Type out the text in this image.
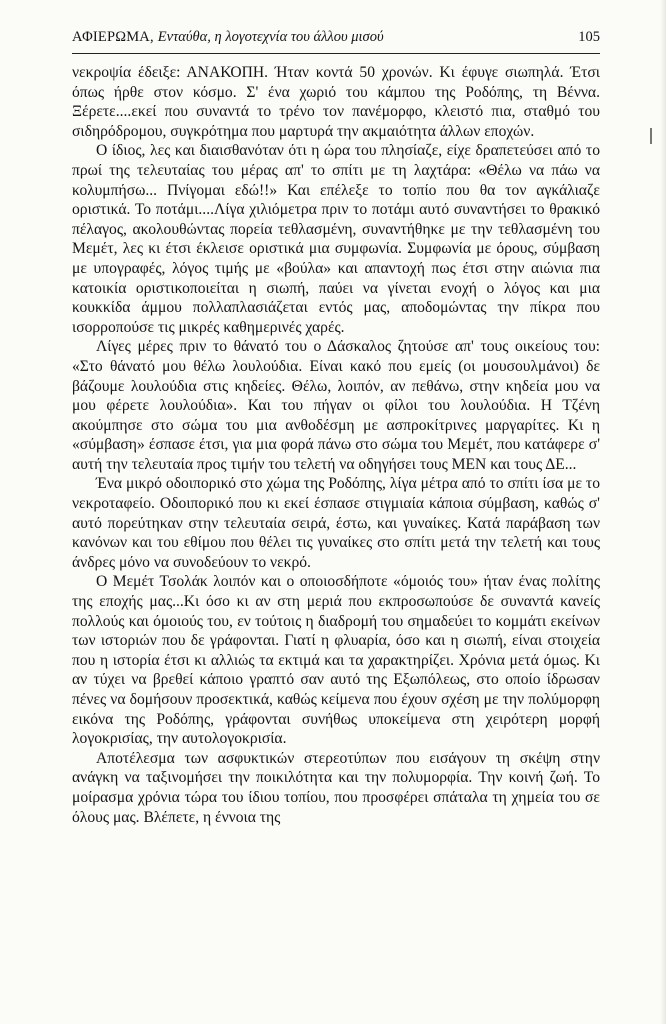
ΑΦΙΕΡΩΜΑ, Ενταύθα, η λογοτεχνία του άλλου μισού	105

νεκροψία έδειξε: ΑΝΑΚΟΠΗ. Ήταν κοντά 50 χρονών. Κι έφυγε σιωπηλά. Έτσι όπως ήρθε στον κόσμο. Σ' ένα χωριό του κάμπου της Ροδόπης, τη Βέννα. Ξέρετε....εκεί που συναντά το τρένο τον πανέμορφο, κλειστό πια, σταθμό του σιδηρόδρομου, συγκρότημα που μαρτυρά την ακμαιότητα άλλων εποχών.

Ο ίδιος, λες και διαισθανόταν ότι η ώρα του πλησίαζε, είχε δραπετεύσει από το πρωί της τελευταίας του μέρας απ' το σπίτι με τη λαχτάρα: «Θέλω να πάω να κολυμπήσω... Πνίγομαι εδώ!!» Και επέλεξε το τοπίο που θα τον αγκάλιαζε οριστικά. Το ποτάμι....Λίγα χιλιόμετρα πριν το ποτάμι αυτό συναντήσει το θρακικό πέλαγος, ακολουθώντας πορεία τεθλασμένη, συναντήθηκε με την τεθλασμένη του Μεμέτ, λες κι έτσι έκλεισε οριστικά μια συμφωνία. Συμφωνία με όρους, σύμβαση με υπογραφές, λόγος τιμής με «βούλα» και απαντοχή πως έτσι στην αιώνια πια κατοικία οριστικοποιείται η σιωπή, παύει να γίνεται ενοχή ο λόγος και μια κουκκίδα άμμου πολλαπλασιάζεται εντός μας, αποδομώντας την πίκρα που ισορροπούσε τις μικρές καθημερινές χαρές.

Λίγες μέρες πριν το θάνατό του ο Δάσκαλος ζητούσε απ' τους οικείους του: «Στο θάνατό μου θέλω λουλούδια. Είναι κακό που εμείς (οι μουσουλμάνοι) δε βάζουμε λουλούδια στις κηδείες. Θέλω, λοιπόν, αν πεθάνω, στην κηδεία μου να μου φέρετε λουλούδια». Και του πήγαν οι φίλοι του λουλούδια. Η Τζένη ακούμπησε στο σώμα του μια ανθοδέσμη με ασπροκίτρινες μαργαρίτες. Κι η «σύμβαση» έσπασε έτσι, για μια φορά πάνω στο σώμα του Μεμέτ, που κατάφερε σ' αυτή την τελευταία προς τιμήν του τελετή να οδηγήσει τους ΜΕΝ και τους ΔΕ...

Ένα μικρό οδοιπορικό στο χώμα της Ροδόπης, λίγα μέτρα από το σπίτι ίσα με το νεκροταφείο. Οδοιπορικό που κι εκεί έσπασε στιγμιαία κάποια σύμβαση, καθώς σ' αυτό πορεύτηκαν στην τελευταία σειρά, έστω, και γυναίκες. Κατά παράβαση των κανόνων και του εθίμου που θέλει τις γυναίκες στο σπίτι μετά την τελετή και τους άνδρες μόνο να συνοδεύουν το νεκρό.

Ο Μεμέτ Τσολάκ λοιπόν και ο οποιοσδήποτε «όμοιός του» ήταν ένας πολίτης της εποχής μας...Κι όσο κι αν στη μεριά που εκπροσωπούσε δε συναντά κανείς πολλούς και όμοιούς του, εν τούτοις η διαδρομή του σημαδεύει το κομμάτι εκείνων των ιστοριών που δε γράφονται. Γιατί η φλυαρία, όσο και η σιωπή, είναι στοιχεία που η ιστορία έτσι κι αλλιώς τα εκτιμά και τα χαρακτηρίζει. Χρόνια μετά όμως. Κι αν τύχει να βρεθεί κάποιο γραπτό σαν αυτό της Εξωπόλεως, στο οποίο ίδρωσαν πένες να δομήσουν προσεκτικά, καθώς κείμενα που έχουν σχέση με την πολύμορφη εικόνα της Ροδόπης, γράφονται συνήθως υποκείμενα στη χειρότερη μορφή λογοκρισίας, την αυτολογοκρισία.

Αποτέλεσμα των ασφυκτικών στερεοτύπων που εισάγουν τη σκέψη στην ανάγκη να ταξινομήσει την ποικιλότητα και την πολυμορφία. Την κοινή ζωή. Το μοίρασμα χρόνια τώρα του ίδιου τοπίου, που προσφέρει σπάταλα τη χημεία του σε όλους μας. Βλέπετε, η έννοια της
